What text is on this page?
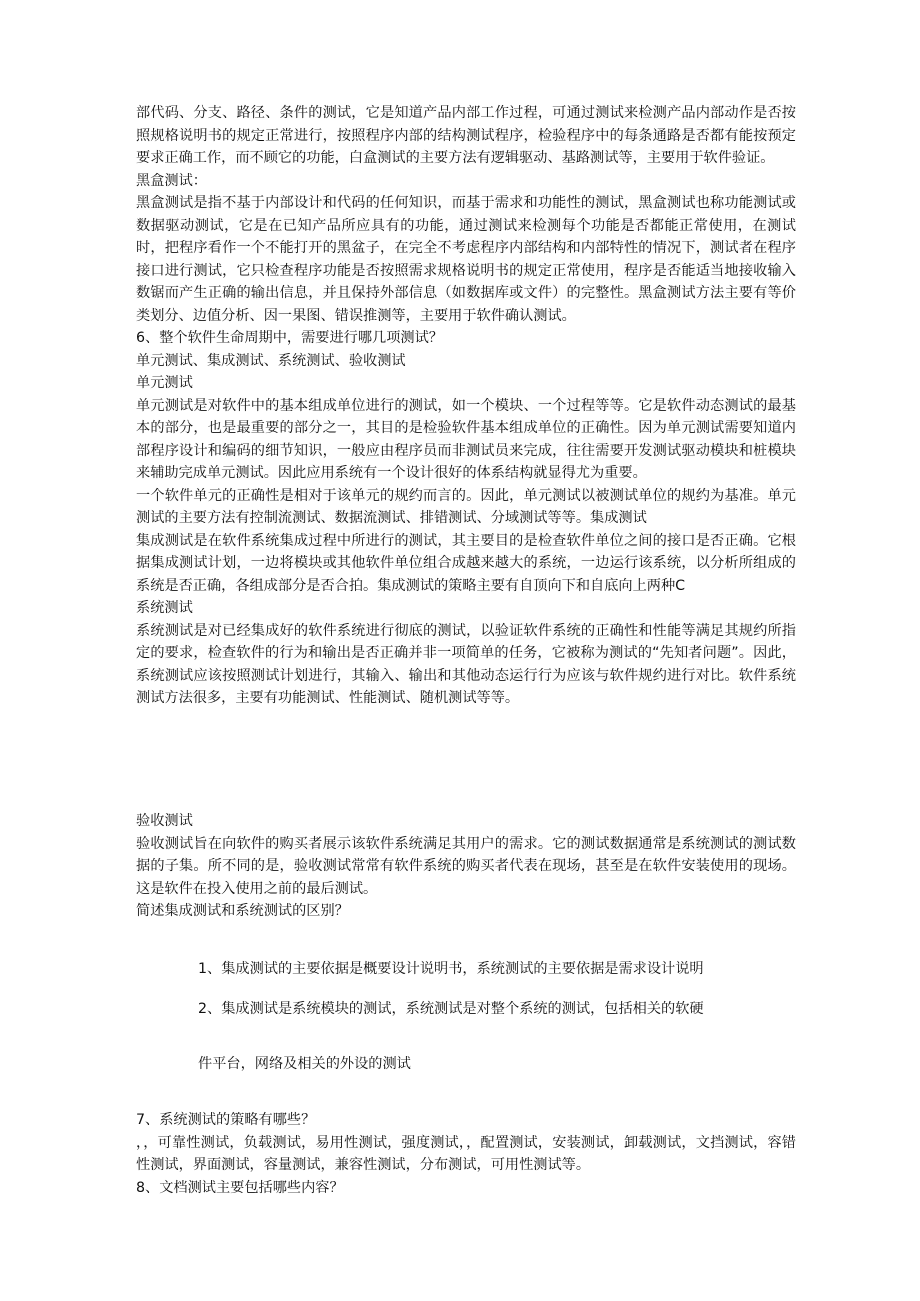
部代码、分支、路径、条件的测试，它是知道产品内部工作过程，可通过测试来检测产品内部动作是否按照规格说明书的规定正常进行，按照程序内部的结构测试程序，检验程序中的每条通路是否都有能按预定要求正确工作，而不顾它的功能，白盒测试的主要方法有逻辑驱动、基路测试等，主要用于软件验证。

黑盒测试：

黑盒测试是指不基于内部设计和代码的任何知识，而基于需求和功能性的测试，黑盒测试也称功能测试或数据驱动测试，它是在已知产品所应具有的功能，通过测试来检测每个功能是否都能正常使用，在测试时，把程序看作一个不能打开的黑盆子，在完全不考虑程序内部结构和内部特性的情况下，测试者在程序接口进行测试，它只检查程序功能是否按照需求规格说明书的规定正常使用，程序是否能适当地接收输入数锯而产生正确的输出信息，并且保持外部信息（如数据库或文件）的完整性。黑盒测试方法主要有等价类划分、边值分析、因一果图、错误推测等，主要用于软件确认测试。

6、整个软件生命周期中，需要进行哪几项测试？

单元测试、集成测试、系统测试、验收测试

单元测试

单元测试是对软件中的基本组成单位进行的测试，如一个模块、一个过程等等。它是软件动态测试的最基本的部分，也是最重要的部分之一，其目的是检验软件基本组成单位的正确性。因为单元测试需要知道内部程序设计和编码的细节知识，一般应由程序员而非测试员来完成，往往需要开发测试驱动模块和桩模块来辅助完成单元测试。因此应用系统有一个设计很好的体系结构就显得尤为重要。

一个软件单元的正确性是相对于该单元的规约而言的。因此，单元测试以被测试单位的规约为基准。单元测试的主要方法有控制流测试、数据流测试、排错测试、分域测试等等。集成测试

集成测试是在软件系统集成过程中所进行的测试，其主要目的是检查软件单位之间的接口是否正确。它根据集成测试计划，一边将模块或其他软件单位组合成越来越大的系统，一边运行该系统，以分析所组成的系统是否正确，各组成部分是否合拍。集成测试的策略主要有自顶向下和自底向上两种C

系统测试

系统测试是对已经集成好的软件系统进行彻底的测试，以验证软件系统的正确性和性能等满足其规约所指定的要求，检查软件的行为和输出是否正确并非一项简单的任务，它被称为测试的“先知者问题”。因此，系统测试应该按照测试计划进行，其输入、输出和其他动态运行行为应该与软件规约进行对比。软件系统测试方法很多，主要有功能测试、性能测试、随机测试等等。

验收测试

验收测试旨在向软件的购买者展示该软件系统满足其用户的需求。它的测试数据通常是系统测试的测试数据的子集。所不同的是，验收测试常常有软件系统的购买者代表在现场，甚至是在软件安装使用的现场。这是软件在投入使用之前的最后测试。

简述集成测试和系统测试的区别？

1、集成测试的主要依据是概要设计说明书，系统测试的主要依据是需求设计说明

2、集成测试是系统模块的测试，系统测试是对整个系统的测试，包括相关的软硬

件平台，网络及相关的外设的测试

7、系统测试的策略有哪些？

，，可靠性测试，负载测试，易用性测试，强度测试，，配置测试，安装测试，卸载测试，文挡测试，容错性测试，界面测试，容量测试，兼容性测试，分布测试，可用性测试等。

8、文档测试主要包括哪些内容？
